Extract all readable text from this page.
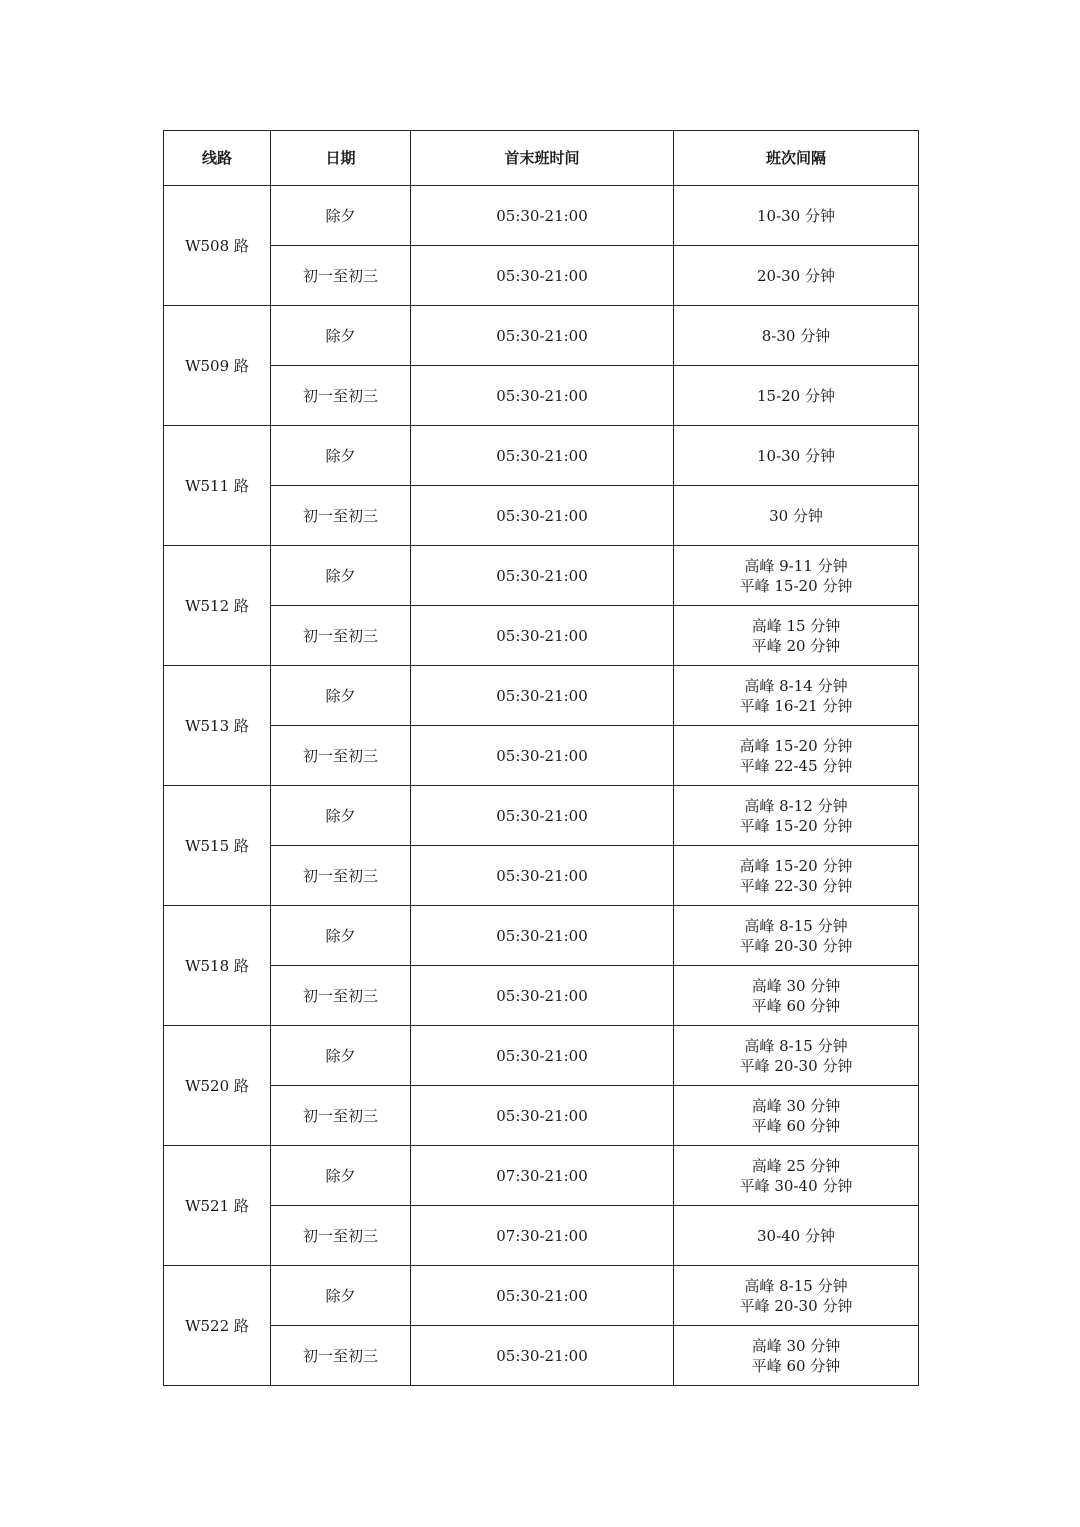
线路	日期	首末班时间	班次间隔
W508 路	除夕	05:30-21:00	10-30 分钟

	初一至初三	05:30-21:00	20-30 分钟

W509 路	除夕	05:30-21:00	8-30 分钟

	初一至初三	05:30-21:00	15-20 分钟

W511 路	除夕	05:30-21:00	10-30 分钟

	初一至初三	05:30-21:00	30 分钟

W512 路	除夕	05:30-21:00	高峰 9-11 分钟
平峰 15-20 分钟

	初一至初三	05:30-21:00	高峰 15 分钟
平峰 20 分钟

W513 路	除夕	05:30-21:00	高峰 8-14 分钟
平峰 16-21 分钟

	初一至初三	05:30-21:00	高峰 15-20 分钟
平峰 22-45 分钟

W515 路	除夕	05:30-21:00	高峰 8-12 分钟
平峰 15-20 分钟

	初一至初三	05:30-21:00	高峰 15-20 分钟
平峰 22-30 分钟

W518 路	除夕	05:30-21:00	高峰 8-15 分钟
平峰 20-30 分钟

	初一至初三	05:30-21:00	高峰 30 分钟
平峰 60 分钟

W520 路	除夕	05:30-21:00	高峰 8-15 分钟
平峰 20-30 分钟

	初一至初三	05:30-21:00	高峰 30 分钟
平峰 60 分钟

W521 路	除夕	07:30-21:00	高峰 25 分钟
平峰 30-40 分钟

	初一至初三	07:30-21:00	30-40 分钟

W522 路	除夕	05:30-21:00	高峰 8-15 分钟
平峰 20-30 分钟

	初一至初三	05:30-21:00	高峰 30 分钟
平峰 60 分钟
